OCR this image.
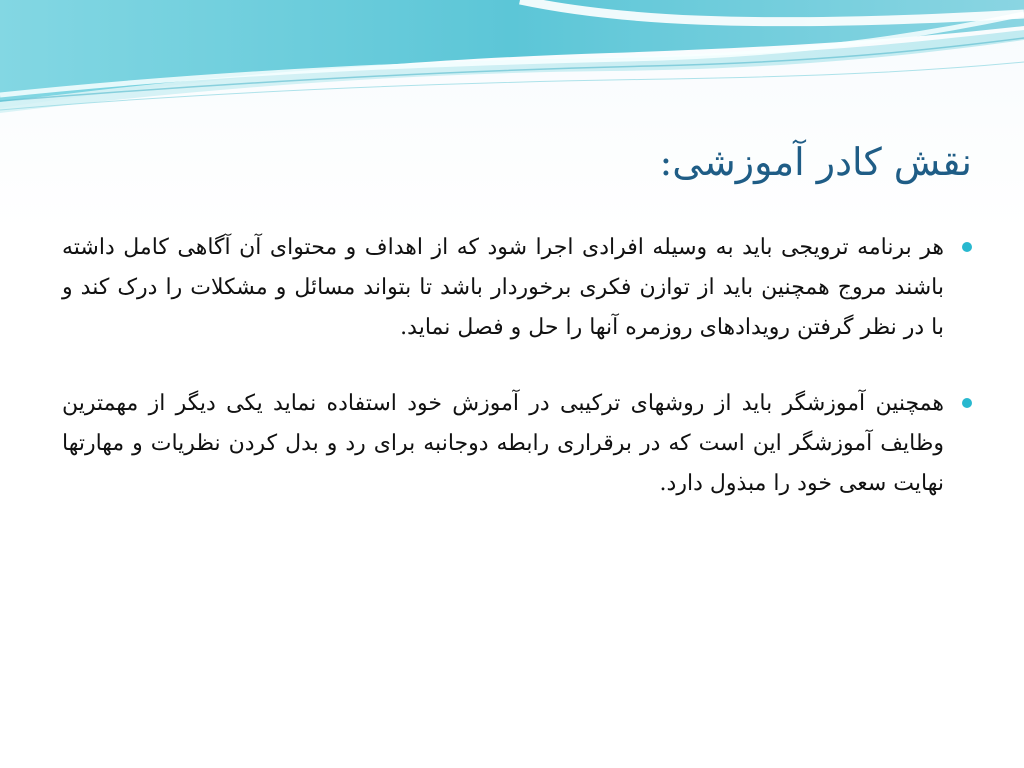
نقش کادر آموزشی:
هر برنامه ترویجی باید به وسیله افرادی اجرا شود که از اهداف و محتوای آن آگاهی کامل داشته باشند مروج همچنین باید از توازن فکری برخوردار باشد تا بتواند مسائل و مشکلات را درک کند و با در نظر گرفتن رویدادهای روزمره آنها را حل و فصل نماید.
همچنین آموزشگر باید از روشهای ترکیبی در آموزش خود استفاده نماید یکی دیگر از مهمترین وظایف آموزشگر این است که در برقراری رابطه دوجانبه برای رد و بدل کردن نظریات و مهارتها نهایت سعی خود را مبذول دارد.
